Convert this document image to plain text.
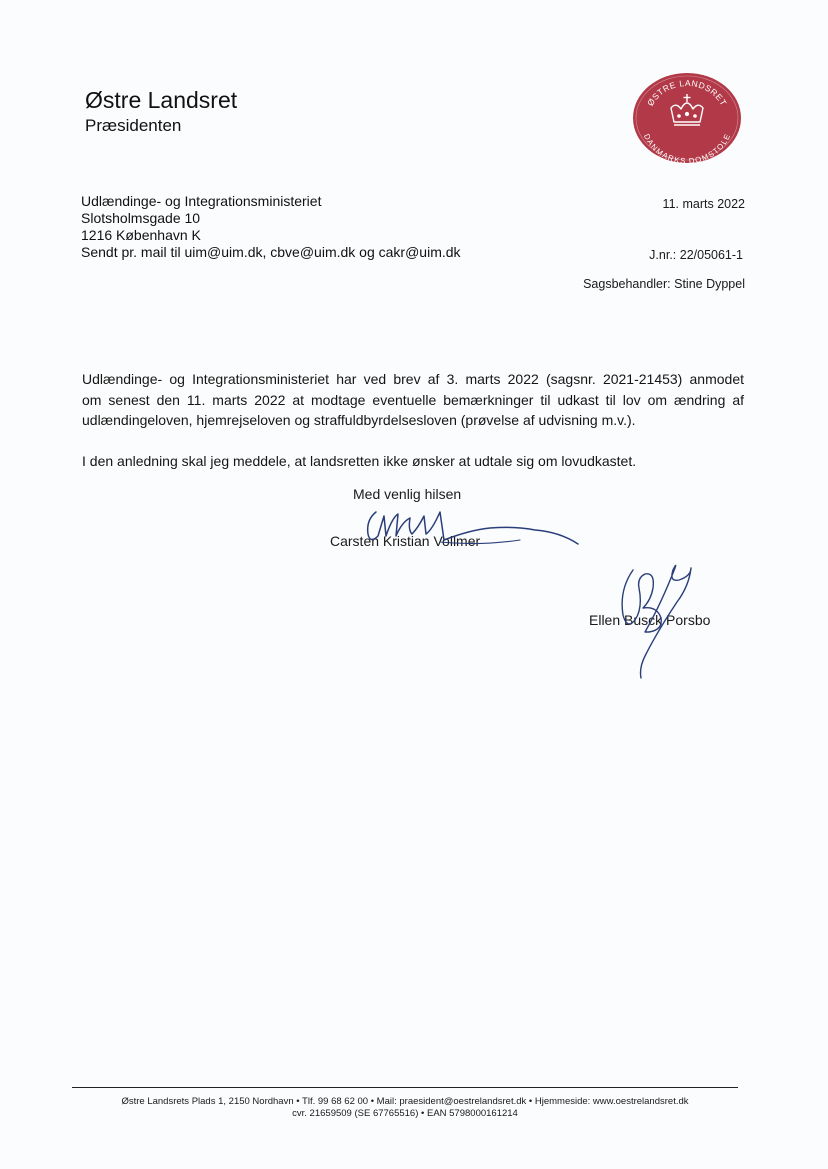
Østre Landsret
Præsidenten
ØSTRE LANDSRET
DANMARKS DOMSTOLE
Udlændinge- og Integrationsministeriet
Slotsholmsgade 10
1216 København K
Sendt pr. mail til uim@uim.dk, cbve@uim.dk og cakr@uim.dk
11. marts 2022
J.nr.: 22/05061-1
Sagsbehandler: Stine Dyppel
Udlændinge- og Integrationsministeriet har ved brev af 3. marts 2022 (sagsnr. 2021-21453) anmodet
om senest den 11. marts 2022 at modtage eventuelle bemærkninger til udkast til lov om ændring af
udlændingeloven, hjemrejseloven og straffuldbyrdelsesloven (prøvelse af udvisning m.v.).
I den anledning skal jeg meddele, at landsretten ikke ønsker at udtale sig om lovudkastet.
Med venlig hilsen
Carsten Kristian Vollmer
Ellen Busck Porsbo
Østre Landsrets Plads 1, 2150 Nordhavn • Tlf. 99 68 62 00 • Mail: praesident@oestrelandsret.dk • Hjemmeside: www.oestrelandsret.dk
cvr. 21659509 (SE 67765516) • EAN 5798000161214
